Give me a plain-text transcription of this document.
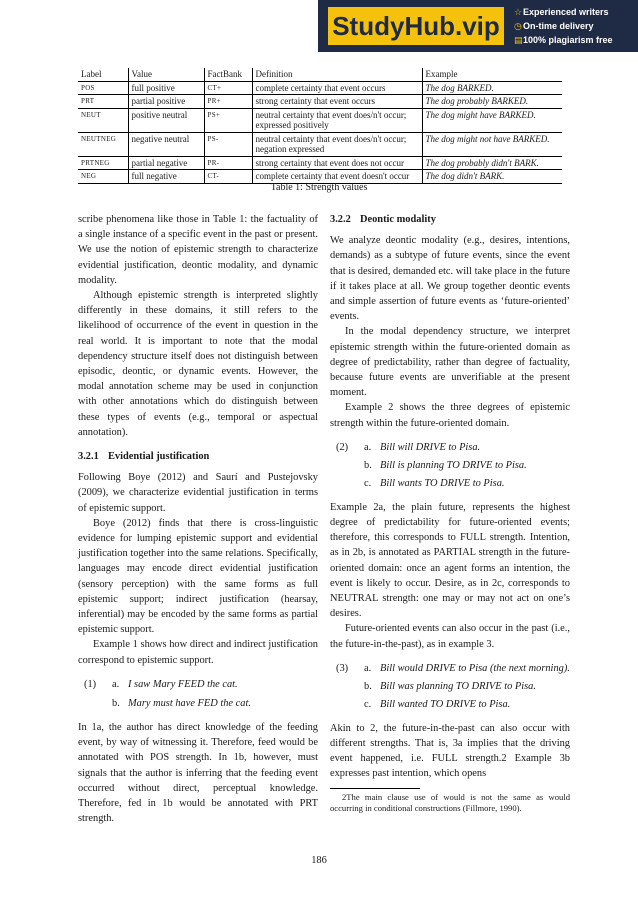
StudyHub.vip	☆Experienced writers
◷On-time delivery
▤100% plagiarism free
Label	Value	FactBank	Definition	Example
POS	full positive	CT+	complete certainty that event occurs	The dog BARKED.
PRT	partial positive	PR+	strong certainty that event occurs	The dog probably BARKED.
NEUT	positive neutral	PS+	neutral certainty that event does/n't occur; expressed positively	The dog might have BARKED.
NEUTNEG	negative neutral	PS-	neutral certainty that event does/n't occur; negation expressed	The dog might not have BARKED.
PRTNEG	partial negative	PR-	strong certainty that event does not occur	The dog probably didn't BARK.
NEG	full negative	CT-	complete certainty that event doesn't occur	The dog didn't BARK.
Table 1: Strength values

scribe phenomena like those in Table 1: the factuality of a single instance of a specific event in the past or present. We use the notion of epistemic strength to characterize evidential justification, deontic modality, and dynamic modality.

Although epistemic strength is interpreted slightly differently in these domains, it still refers to the likelihood of occurrence of the event in question in the real world. It is important to note that the modal dependency structure itself does not distinguish between episodic, deontic, or dynamic events. However, the modal annotation scheme may be used in conjunction with other annotations which do distinguish between these types of events (e.g., temporal or aspectual annotation).

3.2.1 Evidential justification

Following Boye (2012) and Saurí and Pustejovsky (2009), we characterize evidential justification in terms of epistemic support.

Boye (2012) finds that there is cross-linguistic evidence for lumping epistemic support and evidential justification together into the same relations. Specifically, languages may encode direct evidential justification (sensory perception) with the same forms as full epistemic support; indirect justification (hearsay, inferential) may be encoded by the same forms as partial epistemic support.

Example 1 shows how direct and indirect justification correspond to epistemic support.

(1)	a. I saw Mary FEED the cat.
b. Mary must have FED the cat.

In 1a, the author has direct knowledge of the feeding event, by way of witnessing it. Therefore, feed would be annotated with POS strength. In 1b, however, must signals that the author is inferring that the feeding event occurred without direct, perceptual knowledge. Therefore, fed in 1b would be annotated with PRT strength.

3.2.2 Deontic modality

We analyze deontic modality (e.g., desires, intentions, demands) as a subtype of future events, since the event that is desired, demanded etc. will take place in the future if it takes place at all. We group together deontic events and simple assertion of future events as ‘future-oriented’ events.

In the modal dependency structure, we interpret epistemic strength within the future-oriented domain as degree of predictability, rather than degree of factuality, because future events are unverifiable at the present moment.

Example 2 shows the three degrees of epistemic strength within the future-oriented domain.

(2)	a. Bill will DRIVE to Pisa.
b. Bill is planning TO DRIVE to Pisa.
c. Bill wants TO DRIVE to Pisa.

Example 2a, the plain future, represents the highest degree of predictability for future-oriented events; therefore, this corresponds to FULL strength. Intention, as in 2b, is annotated as PARTIAL strength in the future-oriented domain: once an agent forms an intention, the event is likely to occur. Desire, as in 2c, corresponds to NEUTRAL strength: one may or may not act on one’s desires.

Future-oriented events can also occur in the past (i.e., the future-in-the-past), as in example 3.

(3)	a. Bill would DRIVE to Pisa (the next morning).
b. Bill was planning TO DRIVE to Pisa.
c. Bill wanted TO DRIVE to Pisa.

Akin to 2, the future-in-the-past can also occur with different strengths. That is, 3a implies that the driving event happened, i.e. FULL strength.2 Example 3b expresses past intention, which opens

2The main clause use of would is not the same as would occurring in conditional constructions (Fillmore, 1990).

186
